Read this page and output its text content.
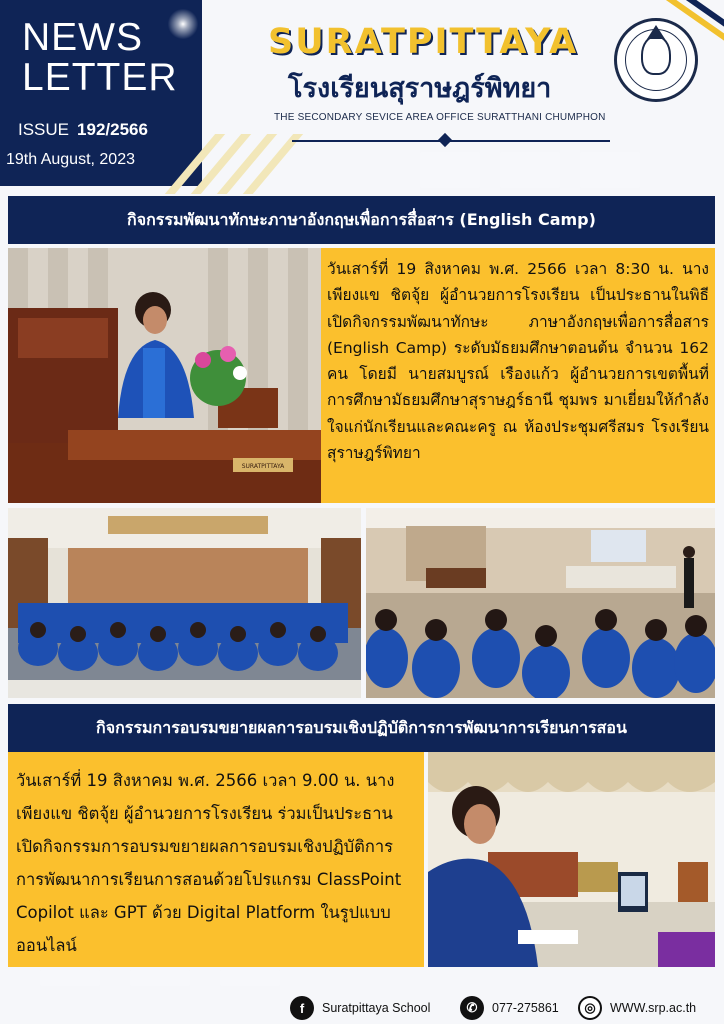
NEWS
LETTER
ISSUE 192/2566
19th August, 2023
SURATPITTAYA
โรงเรียนสุราษฎร์พิทยา
THE SECONDARY SEVICE AREA OFFICE SURATTHANI CHUMPHON
กิจกรรมพัฒนาทักษะภาษาอังกฤษเพื่อการสื่อสาร (English Camp)
SURATPITTAYA

วันเสาร์ที่ 19 สิงหาคม พ.ศ. 2566 เวลา 8:30 น. นางเพียงแข ชิตจุ้ย ผู้อำนวยการโรงเรียน เป็นประธานในพิธีเปิดกิจกรรมพัฒนาทักษะ ภาษาอังกฤษเพื่อการสื่อสาร (English Camp) ระดับมัธยมศึกษาตอนต้น จำนวน 162 คน โดยมี นายสมบูรณ์ เรืองแก้ว ผู้อำนวยการเขตพื้นที่ การศึกษามัธยมศึกษาสุราษฎร์ธานี ชุมพร มาเยี่ยมให้กำลังใจแก่นักเรียนและคณะครู ณ ห้องประชุมศรีสมร โรงเรียนสุราษฎร์พิทยา

กิจกรรมการอบรมขยายผลการอบรมเชิงปฏิบัติการการพัฒนาการเรียนการสอน

วันเสาร์ที่ 19 สิงหาคม พ.ศ. 2566 เวลา 9.00 น. นางเพียงแข ชิตจุ้ย ผู้อำนวยการโรงเรียน ร่วมเป็นประธานเปิดกิจกรรมการอบรมขยายผลการอบรมเชิงปฏิบัติการการพัฒนาการเรียนการสอนด้วยโปรแกรม ClassPoint Copilot และ GPT ด้วย Digital Platform ในรูปแบบออนไลน์

f	Suratpittaya School	✆	077-275861	◎	WWW.srp.ac.th
